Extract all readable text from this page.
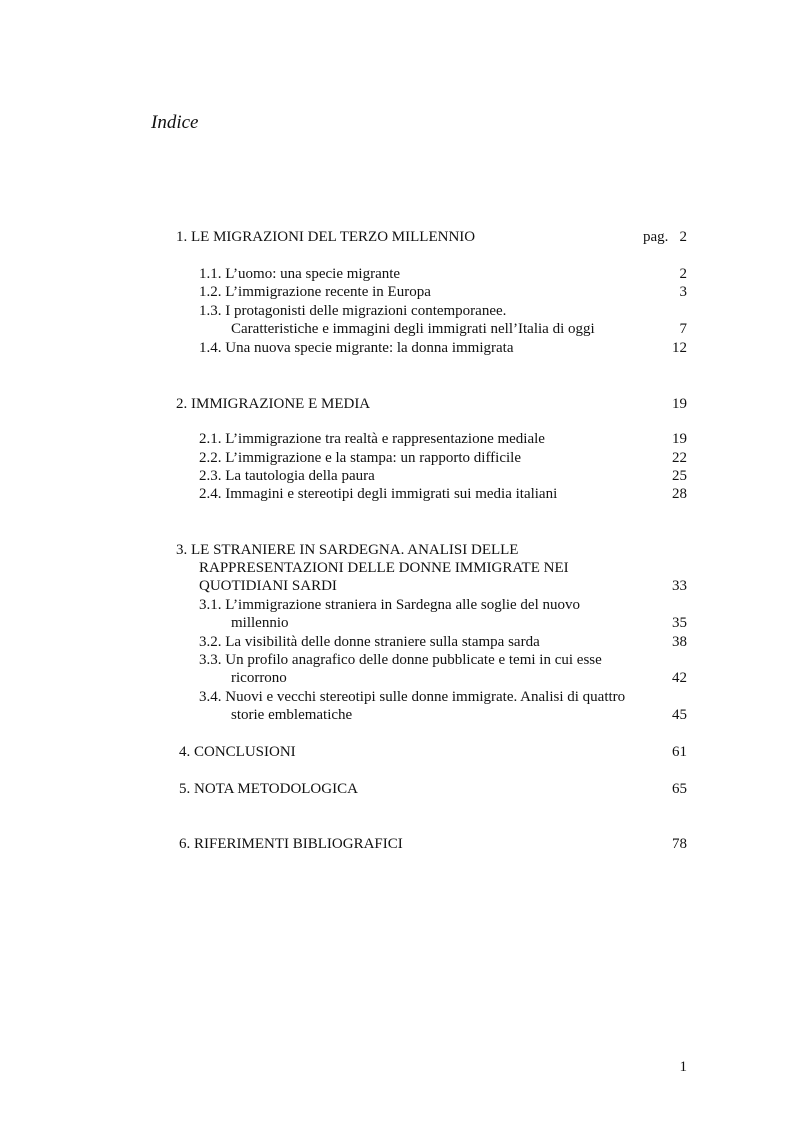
Indice
1. LE MIGRAZIONI DEL TERZO MILLENNIO	pag. 2
1.1. L’uomo: una specie migrante	2
1.2. L’immigrazione recente in Europa	3
1.3. I protagonisti delle migrazioni contemporanee.
Caratteristiche e immagini degli immigrati nell’Italia di oggi	7
1.4. Una nuova specie migrante: la donna immigrata	12
2. IMMIGRAZIONE E MEDIA	19
2.1. L’immigrazione tra realtà e rappresentazione mediale	19
2.2. L’immigrazione e la stampa: un rapporto difficile	22
2.3. La tautologia della paura	25
2.4. Immagini e stereotipi degli immigrati sui media italiani	28
3. LE STRANIERE IN SARDEGNA. ANALISI DELLE
RAPPRESENTAZIONI DELLE DONNE IMMIGRATE NEI
QUOTIDIANI SARDI	33
3.1. L’immigrazione straniera in Sardegna alle soglie del nuovo
millennio	35
3.2. La visibilità delle donne straniere sulla stampa sarda	38
3.3. Un profilo anagrafico delle donne pubblicate e temi in cui esse
ricorrono	42
3.4. Nuovi e vecchi stereotipi sulle donne immigrate. Analisi di quattro
storie emblematiche	45
4. CONCLUSIONI	61
5. NOTA METODOLOGICA	65
6. RIFERIMENTI BIBLIOGRAFICI	78
1
